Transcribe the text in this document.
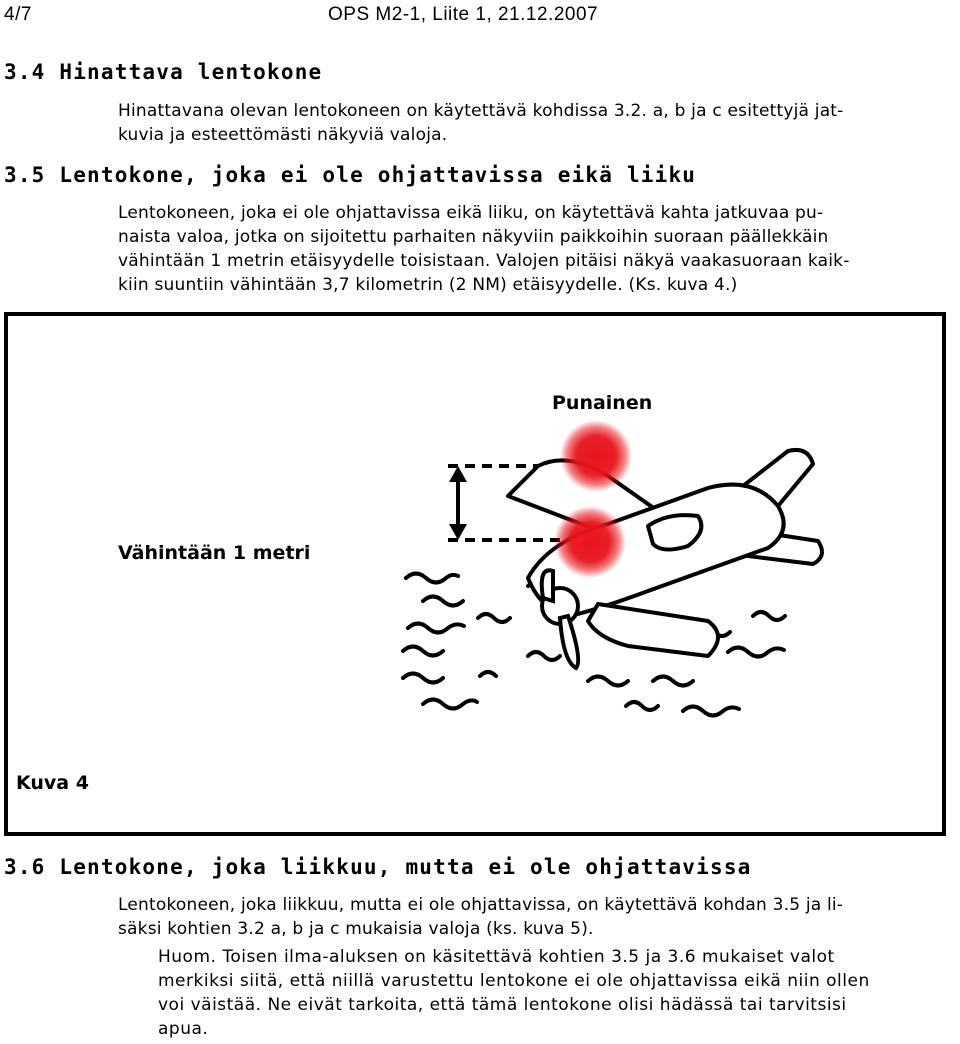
4/7	OPS M2-1, Liite 1, 21.12.2007
3.4 Hinattava lentokone

Hinattavana olevan lentokoneen on käytettävä kohdissa 3.2. a, b ja c esitettyjä jat-

kuvia ja esteettömästi näkyviä valoja.

3.5 Lentokone, joka ei ole ohjattavissa eikä liiku

Lentokoneen, joka ei ole ohjattavissa eikä liiku, on käytettävä kahta jatkuvaa pu-

naista valoa, jotka on sijoitettu parhaiten näkyviin paikkoihin suoraan päällekkäin

vähintään 1 metrin etäisyydelle toisistaan. Valojen pitäisi näkyä vaakasuoraan kaik-

kiin suuntiin vähintään 3,7 kilometrin (2 NM) etäisyydelle. (Ks. kuva 4.)

Punainen
Vähintään 1 metri
Kuva 4
3.6 Lentokone, joka liikkuu, mutta ei ole ohjattavissa

Lentokoneen, joka liikkuu, mutta ei ole ohjattavissa, on käytettävä kohdan 3.5 ja li-

säksi kohtien 3.2 a, b ja c mukaisia valoja (ks. kuva 5).

Huom. Toisen ilma-aluksen on käsitettävä kohtien 3.5 ja 3.6 mukaiset valot

merkiksi siitä, että niillä varustettu lentokone ei ole ohjattavissa eikä niin ollen

voi väistää. Ne eivät tarkoita, että tämä lentokone olisi hädässä tai tarvitsisi

apua.
